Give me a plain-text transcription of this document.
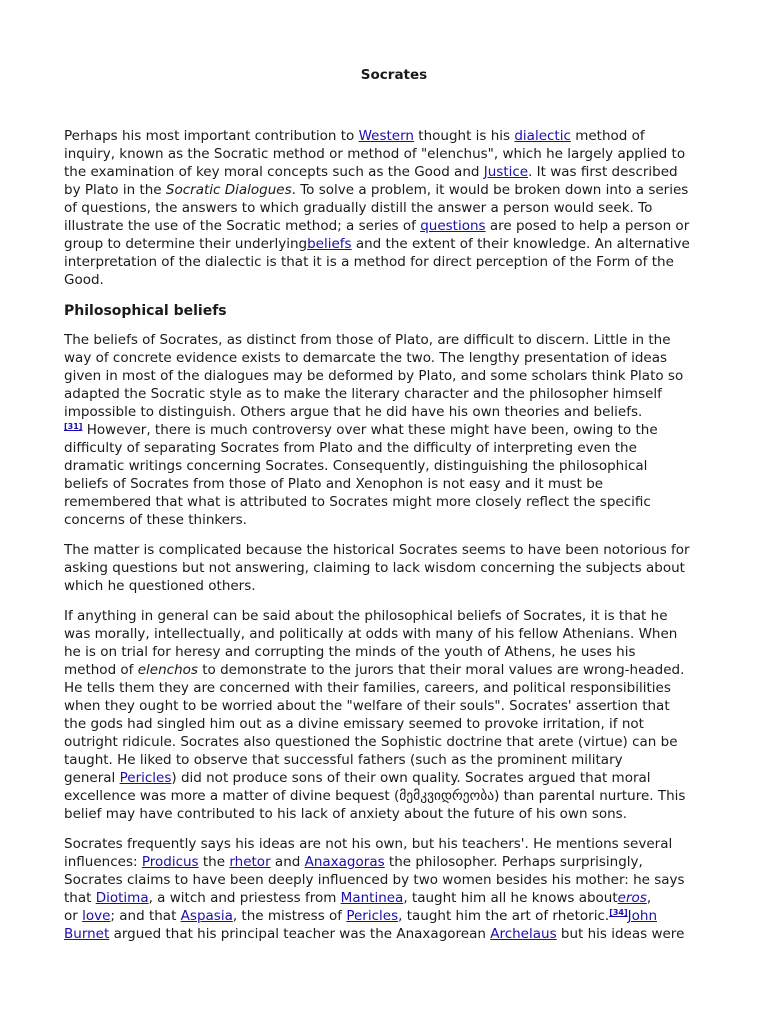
Socrates

Perhaps his most important contribution to Western thought is his dialectic method of
inquiry, known as the Socratic method or method of "elenchus", which he largely applied to
the examination of key moral concepts such as the Good and Justice. It was first described
by Plato in the Socratic Dialogues. To solve a problem, it would be broken down into a series
of questions, the answers to which gradually distill the answer a person would seek. To
illustrate the use of the Socratic method; a series of questions are posed to help a person or
group to determine their underlyingbeliefs and the extent of their knowledge. An alternative
interpretation of the dialectic is that it is a method for direct perception of the Form of the
Good.

Philosophical beliefs

The beliefs of Socrates, as distinct from those of Plato, are difficult to discern. Little in the
way of concrete evidence exists to demarcate the two. The lengthy presentation of ideas
given in most of the dialogues may be deformed by Plato, and some scholars think Plato so
adapted the Socratic style as to make the literary character and the philosopher himself
impossible to distinguish. Others argue that he did have his own theories and beliefs.
[31] However, there is much controversy over what these might have been, owing to the
difficulty of separating Socrates from Plato and the difficulty of interpreting even the
dramatic writings concerning Socrates. Consequently, distinguishing the philosophical
beliefs of Socrates from those of Plato and Xenophon is not easy and it must be
remembered that what is attributed to Socrates might more closely reflect the specific
concerns of these thinkers.

The matter is complicated because the historical Socrates seems to have been notorious for
asking questions but not answering, claiming to lack wisdom concerning the subjects about
which he questioned others.

If anything in general can be said about the philosophical beliefs of Socrates, it is that he
was morally, intellectually, and politically at odds with many of his fellow Athenians. When
he is on trial for heresy and corrupting the minds of the youth of Athens, he uses his
method of elenchos to demonstrate to the jurors that their moral values are wrong-headed.
He tells them they are concerned with their families, careers, and political responsibilities
when they ought to be worried about the "welfare of their souls". Socrates' assertion that
the gods had singled him out as a divine emissary seemed to provoke irritation, if not
outright ridicule. Socrates also questioned the Sophistic doctrine that arete (virtue) can be
taught. He liked to observe that successful fathers (such as the prominent military
general Pericles) did not produce sons of their own quality. Socrates argued that moral
excellence was more a matter of divine bequest (მემკვიდრეობა) than parental nurture. This
belief may have contributed to his lack of anxiety about the future of his own sons.

Socrates frequently says his ideas are not his own, but his teachers'. He mentions several
influences: Prodicus the rhetor and Anaxagoras the philosopher. Perhaps surprisingly,
Socrates claims to have been deeply influenced by two women besides his mother: he says
that Diotima, a witch and priestess from Mantinea, taught him all he knows abouteros,
or love; and that Aspasia, the mistress of Pericles, taught him the art of rhetoric.[34]John
Burnet argued that his principal teacher was the Anaxagorean Archelaus but his ideas were
